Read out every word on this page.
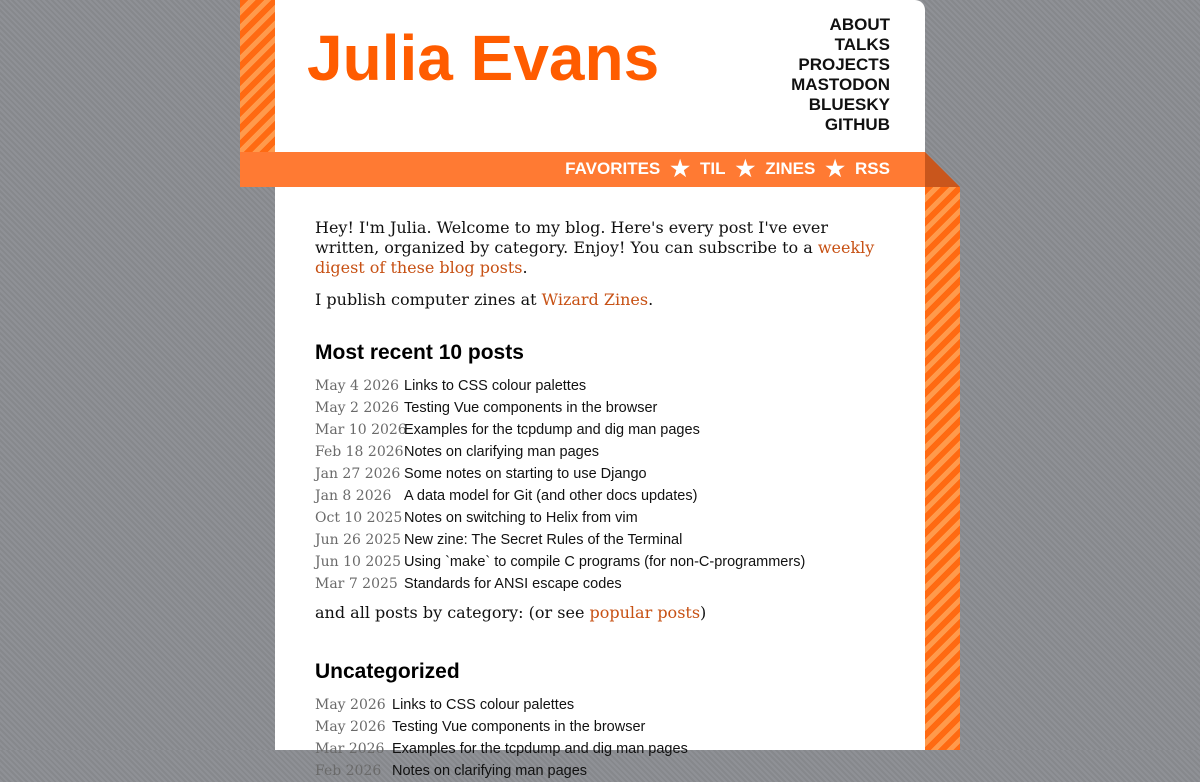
Julia Evans	ABOUT
TALKS
PROJECTS
MASTODON
BLUESKY
GITHUB
FAVORITES ★ TIL ★ ZINES ★ RSS

Hey! I'm Julia. Welcome to my blog. Here's every post I've ever written, organized by category. Enjoy! You can subscribe to a weekly digest of these blog posts.

I publish computer zines at Wizard Zines.

Most recent 10 posts
May 4 2026 Links to CSS colour palettes
May 2 2026 Testing Vue components in the browser
Mar 10 2026Examples for the tcpdump and dig man pages
Feb 18 2026Notes on clarifying man pages
Jan 27 2026 Some notes on starting to use Django
Jan 8 2026 A data model for Git (and other docs updates)
Oct 10 2025 Notes on switching to Helix from vim
Jun 26 2025 New zine: The Secret Rules of the Terminal
Jun 10 2025 Using `make` to compile C programs (for non-C-programmers)
Mar 7 2025 Standards for ANSI escape codes

and all posts by category: (or see popular posts)

Uncategorized
May 2026 Links to CSS colour palettes
May 2026 Testing Vue components in the browser
Mar 2026 Examples for the tcpdump and dig man pages
Feb 2026 Notes on clarifying man pages
